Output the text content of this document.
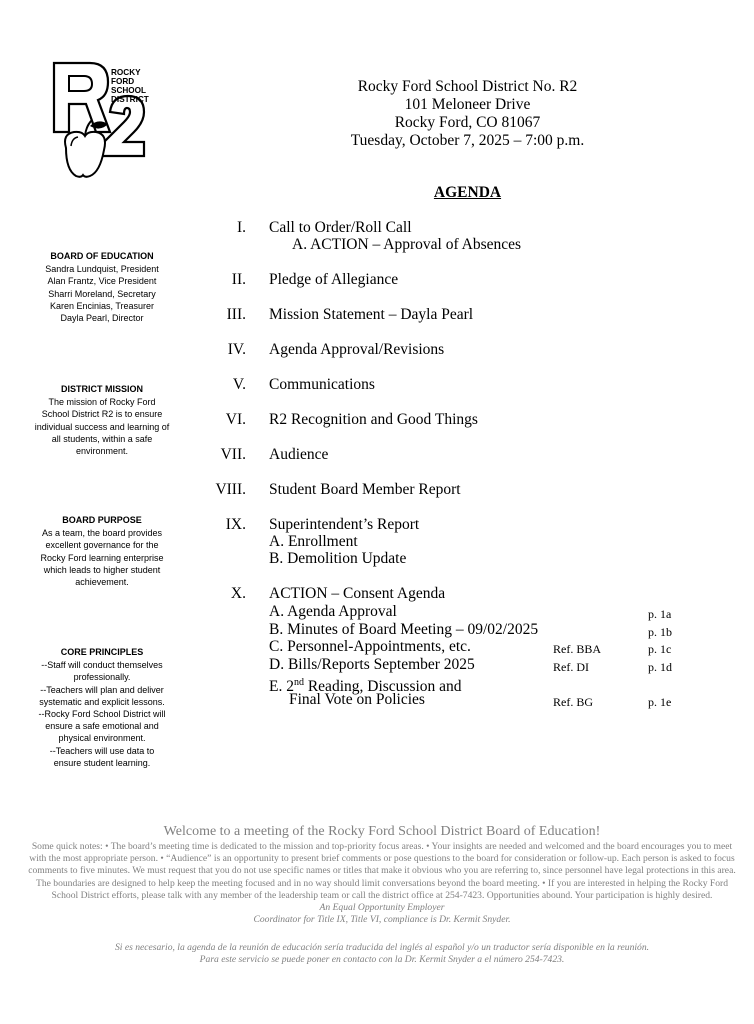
ROCKY
FORD
SCHOOL
DISTRICT
Rocky Ford School District No. R2
101 Meloneer Drive
Rocky Ford, CO 81067
Tuesday, October 7, 2025 – 7:00 p.m.
AGENDA
BOARD OF EDUCATION
Sandra Lundquist, President
Alan Frantz, Vice President
Sharri Moreland, Secretary
Karen Encinias, Treasurer
Dayla Pearl, Director
DISTRICT MISSION
The mission of Rocky Ford
School District R2 is to ensure
individual success and learning of
all students, within a safe
environment.
BOARD PURPOSE
As a team, the board provides
excellent governance for the
Rocky Ford learning enterprise
which leads to higher student
achievement.
CORE PRINCIPLES
--Staff will conduct themselves
professionally.
--Teachers will plan and deliver
systematic and explicit lessons.
--Rocky Ford School District will
ensure a safe emotional and
physical environment.
--Teachers will use data to
ensure student learning.
I. Call to Order/Roll Call
A. ACTION – Approval of Absences
II. Pledge of Allegiance
III. Mission Statement – Dayla Pearl
IV. Agenda Approval/Revisions
V. Communications
VI. R2 Recognition and Good Things
VII. Audience
VIII. Student Board Member Report
IX. Superintendent’s Report
A. Enrollment
B. Demolition Update
X. ACTION – Consent Agenda
A. Agenda Approval	p. 1a
B. Minutes of Board Meeting – 09/02/2025	p. 1b
C. Personnel-Appointments, etc.	Ref. BBA	p. 1c
D. Bills/Reports September 2025	Ref. DI	p. 1d
E. 2nd Reading, Discussion and
Final Vote on Policies	Ref. BG	p. 1e
Welcome to a meeting of the Rocky Ford School District Board of Education!
Some quick notes: • The board’s meeting time is dedicated to the mission and top-priority focus areas. • Your insights are needed and welcomed and the board encourages you to meet with the most appropriate person. • “Audience” is an opportunity to present brief comments or pose questions to the board for consideration or follow-up. Each person is asked to focus comments to five minutes. We must request that you do not use specific names or titles that make it obvious who you are referring to, since personnel have legal protections in this area. The boundaries are designed to help keep the meeting focused and in no way should limit conversations beyond the board meeting. • If you are interested in helping the Rocky Ford School District efforts, please talk with any member of the leadership team or call the district office at 254-7423. Opportunities abound. Your participation is highly desired.
An Equal Opportunity Employer
Coordinator for Title IX, Title VI, compliance is Dr. Kermit Snyder.
Si es necesario, la agenda de la reunión de educación sería traducida del inglés al español y/o un traductor sería disponible en la reunión.
Para este servicio se puede poner en contacto con la Dr. Kermit Snyder a el número 254-7423.
